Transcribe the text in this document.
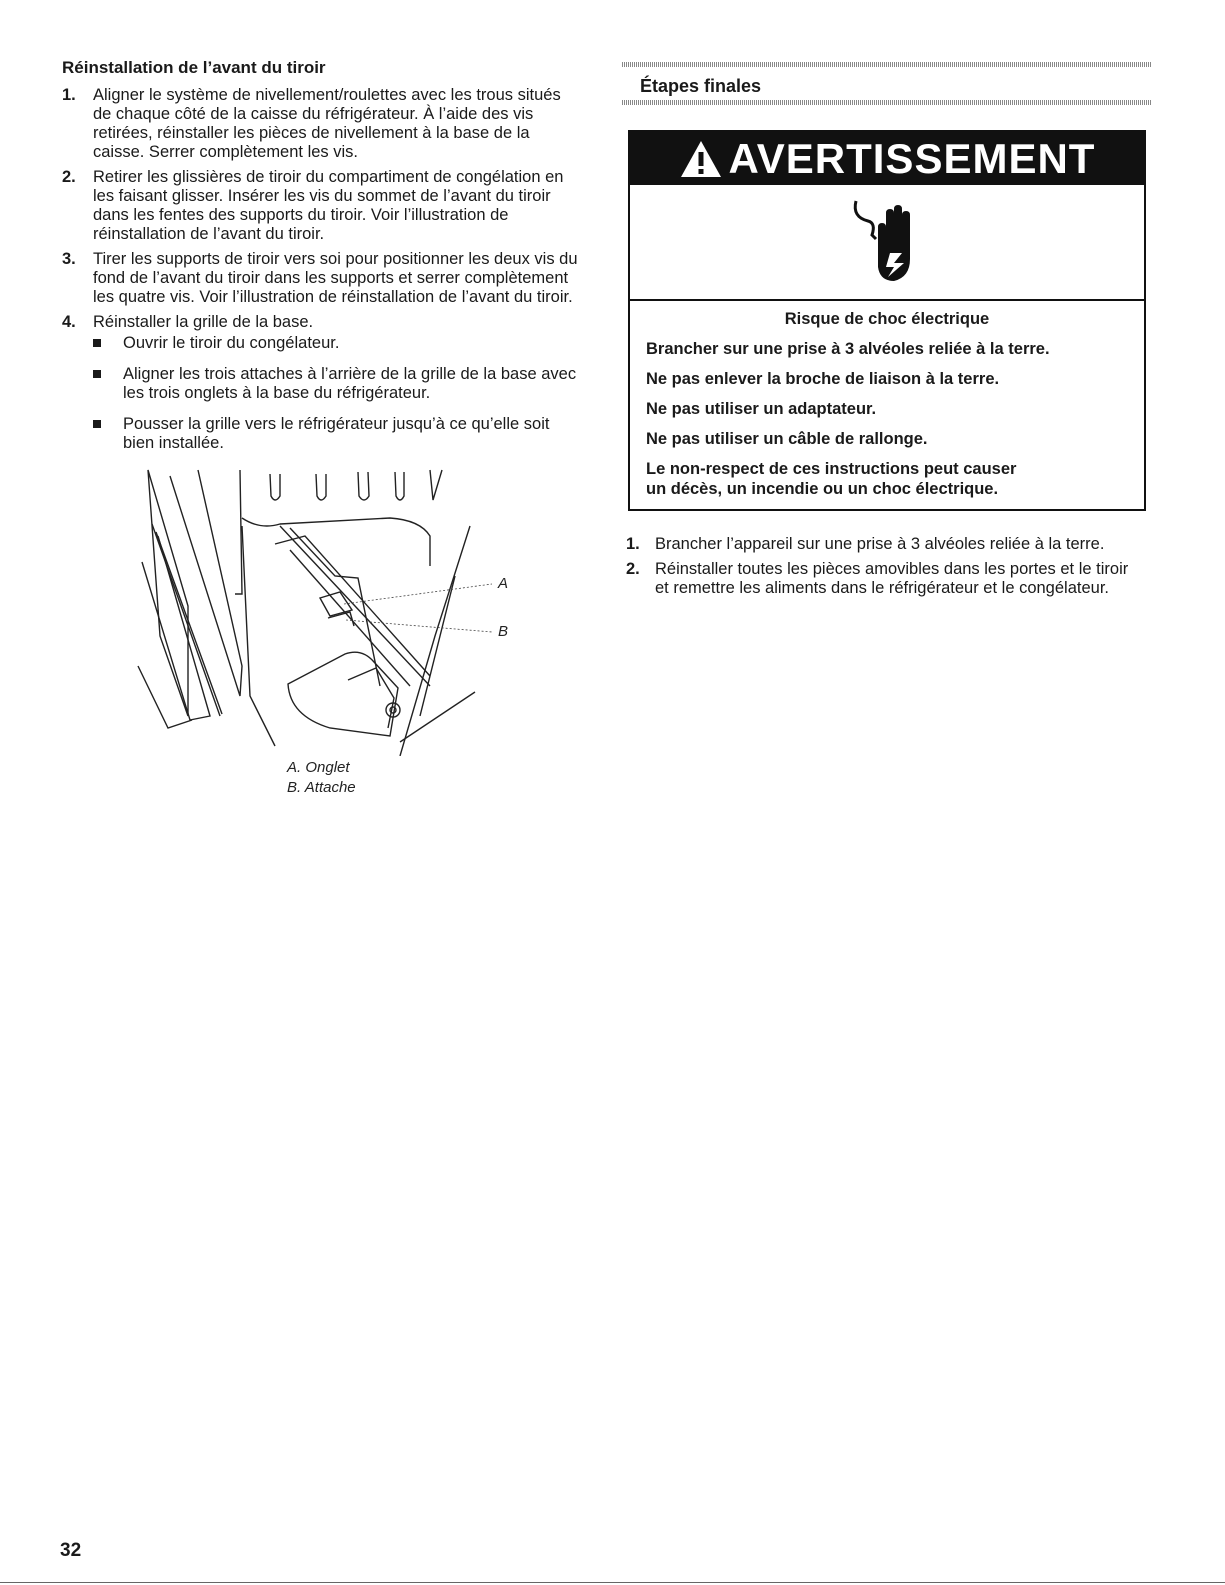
Réinstallation de l’avant du tiroir
1. Aligner le système de nivellement/roulettes avec les trous situés de chaque côté de la caisse du réfrigérateur. À l’aide des vis retirées, réinstaller les pièces de nivellement à la base de la caisse. Serrer complètement les vis.
2. Retirer les glissières de tiroir du compartiment de congélation en les faisant glisser. Insérer les vis du sommet de l’avant du tiroir dans les fentes des supports du tiroir. Voir l’illustration de réinstallation de l’avant du tiroir.
3. Tirer les supports de tiroir vers soi pour positionner les deux vis du fond de l’avant du tiroir dans les supports et serrer complètement les quatre vis. Voir l’illustration de réinstallation de l’avant du tiroir.
4. Réinstaller la grille de la base.
Ouvrir le tiroir du congélateur.
Aligner les trois attaches à l’arrière de la grille de la base avec les trois onglets à la base du réfrigérateur.
Pousser la grille vers le réfrigérateur jusqu’à ce qu’elle soit bien installée.
A
B
A. Onglet
B. Attache
Étapes finales
AVERTISSEMENT

Risque de choc électrique

Brancher sur une prise à 3 alvéoles reliée à la terre.

Ne pas enlever la broche de liaison à la terre.

Ne pas utiliser un adaptateur.

Ne pas utiliser un câble de rallonge.

Le non-respect de ces instructions peut causer
un décès, un incendie ou un choc électrique.

1. Brancher l’appareil sur une prise à 3 alvéoles reliée à la terre.
2. Réinstaller toutes les pièces amovibles dans les portes et le tiroir et remettre les aliments dans le réfrigérateur et le congélateur.
32
